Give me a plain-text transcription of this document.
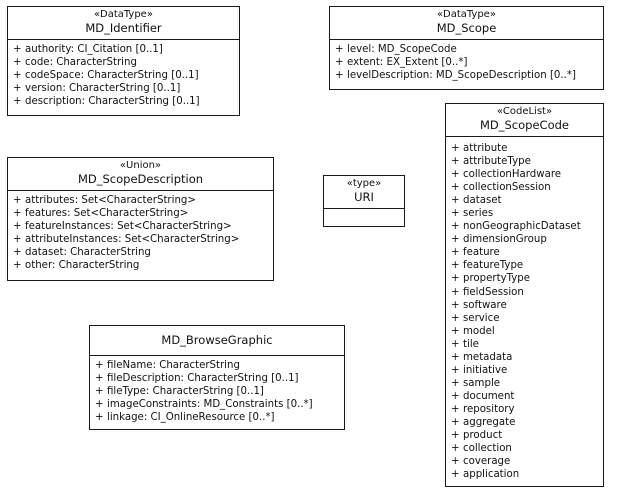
«DataType»
MD_Identifier
+ authority: CI_Citation [0..1]
+ code: CharacterString
+ codeSpace: CharacterString [0..1]
+ version: CharacterString [0..1]
+ description: CharacterString [0..1]
«DataType»
MD_Scope
+ level: MD_ScopeCode
+ extent: EX_Extent [0..*]
+ levelDescription: MD_ScopeDescription [0..*]
«Union»
MD_ScopeDescription
+ attributes: Set<CharacterString>
+ features: Set<CharacterString>
+ featureInstances: Set<CharacterString>
+ attributeInstances: Set<CharacterString>
+ dataset: CharacterString
+ other: CharacterString
«type»
URI
MD_BrowseGraphic
+ fileName: CharacterString
+ fileDescription: CharacterString [0..1]
+ fileType: CharacterString [0..1]
+ imageConstraints: MD_Constraints [0..*]
+ linkage: CI_OnlineResource [0..*]
«CodeList»
MD_ScopeCode
+ attribute
+ attributeType
+ collectionHardware
+ collectionSession
+ dataset
+ series
+ nonGeographicDataset
+ dimensionGroup
+ feature
+ featureType
+ propertyType
+ fieldSession
+ software
+ service
+ model
+ tile
+ metadata
+ initiative
+ sample
+ document
+ repository
+ aggregate
+ product
+ collection
+ coverage
+ application
